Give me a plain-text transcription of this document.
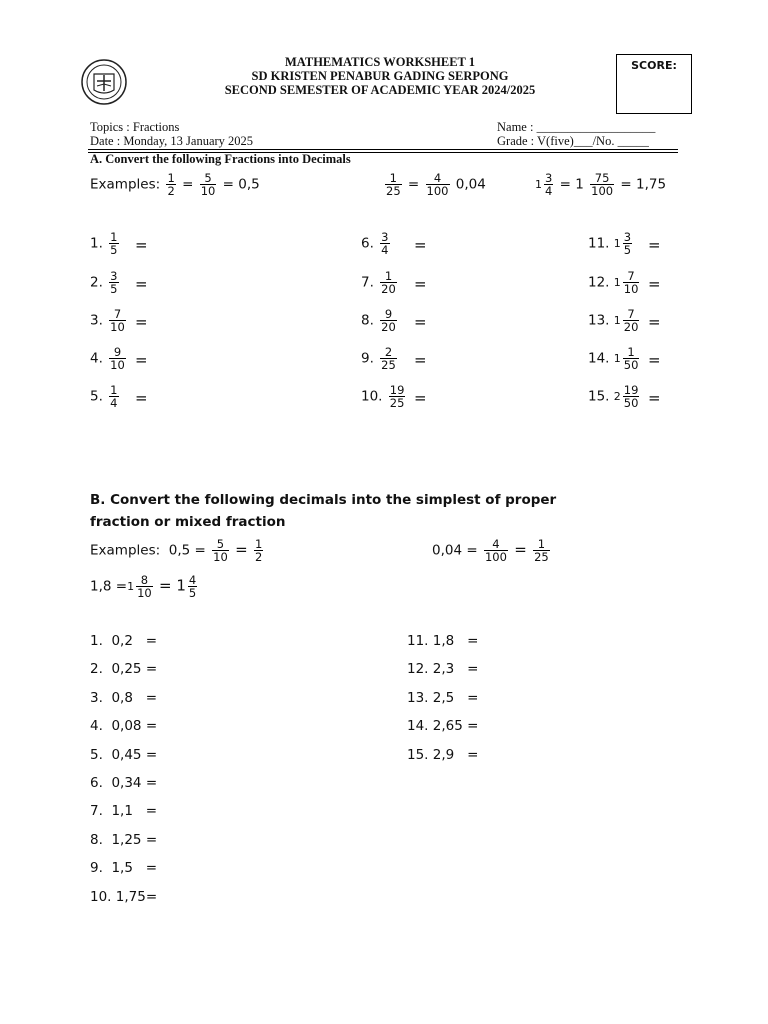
MATHEMATICS WORKSHEET 1
SD KRISTEN PENABUR GADING SERPONG
SECOND SEMESTER OF ACADEMIC YEAR 2024/2025
SCORE:
Topics : Fractions
Date : Monday, 13 January 2025
Name : ___________________
Grade : V(five)___/No. _____
A. Convert the following Fractions into Decimals
Examples: $\frac{1}{2} = \frac{5}{10} = 0,5$	$\frac{1}{25} = \frac{4}{100} 0,04$	$1 \frac{3}{4} = 1 \frac{75}{100} = 1,75$
1. $\frac{1}{5}$ =
2. $\frac{3}{5}$ =
3. $\frac{7}{10}$ =
4. $\frac{9}{10}$ =
5. $\frac{1}{4}$ =
6. $\frac{3}{4}$ =
7. $\frac{1}{20}$ =
8. $\frac{9}{20}$ =
9. $\frac{2}{25}$ =
10. $\frac{19}{25}$ =
11. $1 \frac{3}{5}$ =
12. $1 \frac{7}{10}$ =
13. $1 \frac{7}{20}$ =
14. $1 \frac{1}{50}$ =
15. $2 \frac{19}{50}$ =
B. Convert the following decimals into the simplest of proper
fraction or mixed fraction
Examples: $0,5 = \frac{5}{10} = \frac{1}{2}$	$0,04 = \frac{4}{100} = \frac{1}{25}$
$1,8 =1 \frac{8}{10} = 1 \frac{4}{5}$
1.  0,2   =
2.  0,25 =
3.  0,8   =
4.  0,08 =
5.  0,45 =
6.  0,34 =
7.  1,1   =
8.  1,25 =
9.  1,5   =
10. 1,75=
11. 1,8   =
12. 2,3   =
13. 2,5   =
14. 2,65 =
15. 2,9   =
